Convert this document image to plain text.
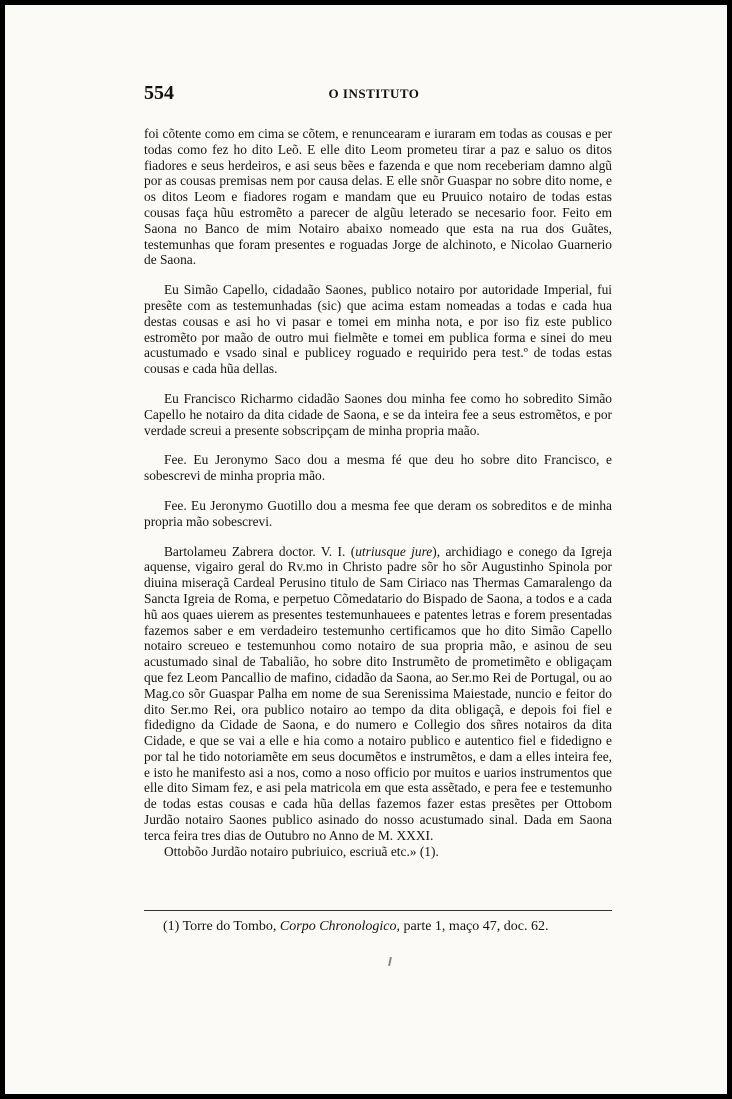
554	O INSTITUTO

foi cõtente como em cima se cõtem, e renuncearam e iuraram em todas as cousas e per todas como fez ho dito Leõ. E elle dito Leom prometeu tirar a paz e saluo os ditos fiadores e seus herdeiros, e asi seus bẽes e fazenda e que nom receberiam damno algũ por as cousas premisas nem por causa delas. E elle snõr Guaspar no sobre dito nome, e os ditos Leom e fiadores rogam e mandam que eu Pruuico notairo de todas estas cousas faça hũu estromẽto a parecer de algũu leterado se necesario foor. Feito em Saona no Banco de mim Notairo abaixo nomeado que esta na rua dos Guãtes, testemunhas que foram presentes e roguadas Jorge de alchinoto, e Nicolao Guarnerio de Saona.

Eu Simão Capello, cidadaão Saones, publico notairo por autoridade Imperial, fui presẽte com as testemunhadas (sic) que acima estam nomeadas a todas e cada hua destas cousas e asi ho vi pasar e tomei em minha nota, e por iso fiz este publico estromẽto por maão de outro mui fielmẽte e tomei em publica forma e sinei do meu acustumado e vsado sinal e publicey roguado e requirido pera test.º de todas estas cousas e cada hũa dellas.

Eu Francisco Richarmo cidadão Saones dou minha fee como ho sobredito Simão Capello he notairo da dita cidade de Saona, e se da inteira fee a seus estromẽtos, e por verdade screui a presente sobscripçam de minha propria maão.

Fee. Eu Jeronymo Saco dou a mesma fé que deu ho sobre dito Francisco, e sobescrevi de minha propria mão.

Fee. Eu Jeronymo Guotillo dou a mesma fee que deram os sobreditos e de minha propria mão sobescrevi.

Bartolameu Zabrera doctor. V. I. (utriusque jure), archidiago e conego da Igreja aquense, vigairo geral do Rv.mo in Christo padre sõr ho sõr Augustinho Spinola por diuina miseraçã Cardeal Perusino titulo de Sam Ciriaco nas Thermas Camaralengo da Sancta Igreia de Roma, e perpetuo Cõmedatario do Bispado de Saona, a todos e a cada hũ aos quaes uierem as presentes testemunhauees e patentes letras e forem presentadas fazemos saber e em verdadeiro testemunho certificamos que ho dito Simão Capello notairo screueo e testemunhou como notairo de sua propria mão, e asinou de seu acustumado sinal de Tabalião, ho sobre dito Instrumẽto de prometimẽto e obligaçam que fez Leom Pancallio de mafino, cidadão da Saona, ao Ser.mo Rei de Portugal, ou ao Mag.co sõr Guaspar Palha em nome de sua Serenissima Maiestade, nuncio e feitor do dito Ser.mo Rei, ora publico notairo ao tempo da dita obligaçã, e depois foi fiel e fidedigno da Cidade de Saona, e do numero e Collegio dos sñres notairos da dita Cidade, e que se vai a elle e hia como a notairo publico e autentico fiel e fidedigno e por tal he tido notoriamẽte em seus documẽtos e instrumẽtos, e dam a elles inteira fee, e isto he manifesto asi a nos, como a noso officio por muitos e uarios instrumentos que elle dito Simam fez, e asi pela matricola em que esta assẽtado, e pera fee e testemunho de todas estas cousas e cada hũa dellas fazemos fazer estas presẽtes per Ottobom Jurdão notairo Saones publico asinado do nosso acustumado sinal. Dada em Saona terca feira tres dias de Outubro no Anno de M. XXXI.

Ottobõo Jurdão notairo pubriuico, escriuã etc.» (1).

(1) Torre do Tombo, Corpo Chronologico, parte 1, maço 47, doc. 62.
